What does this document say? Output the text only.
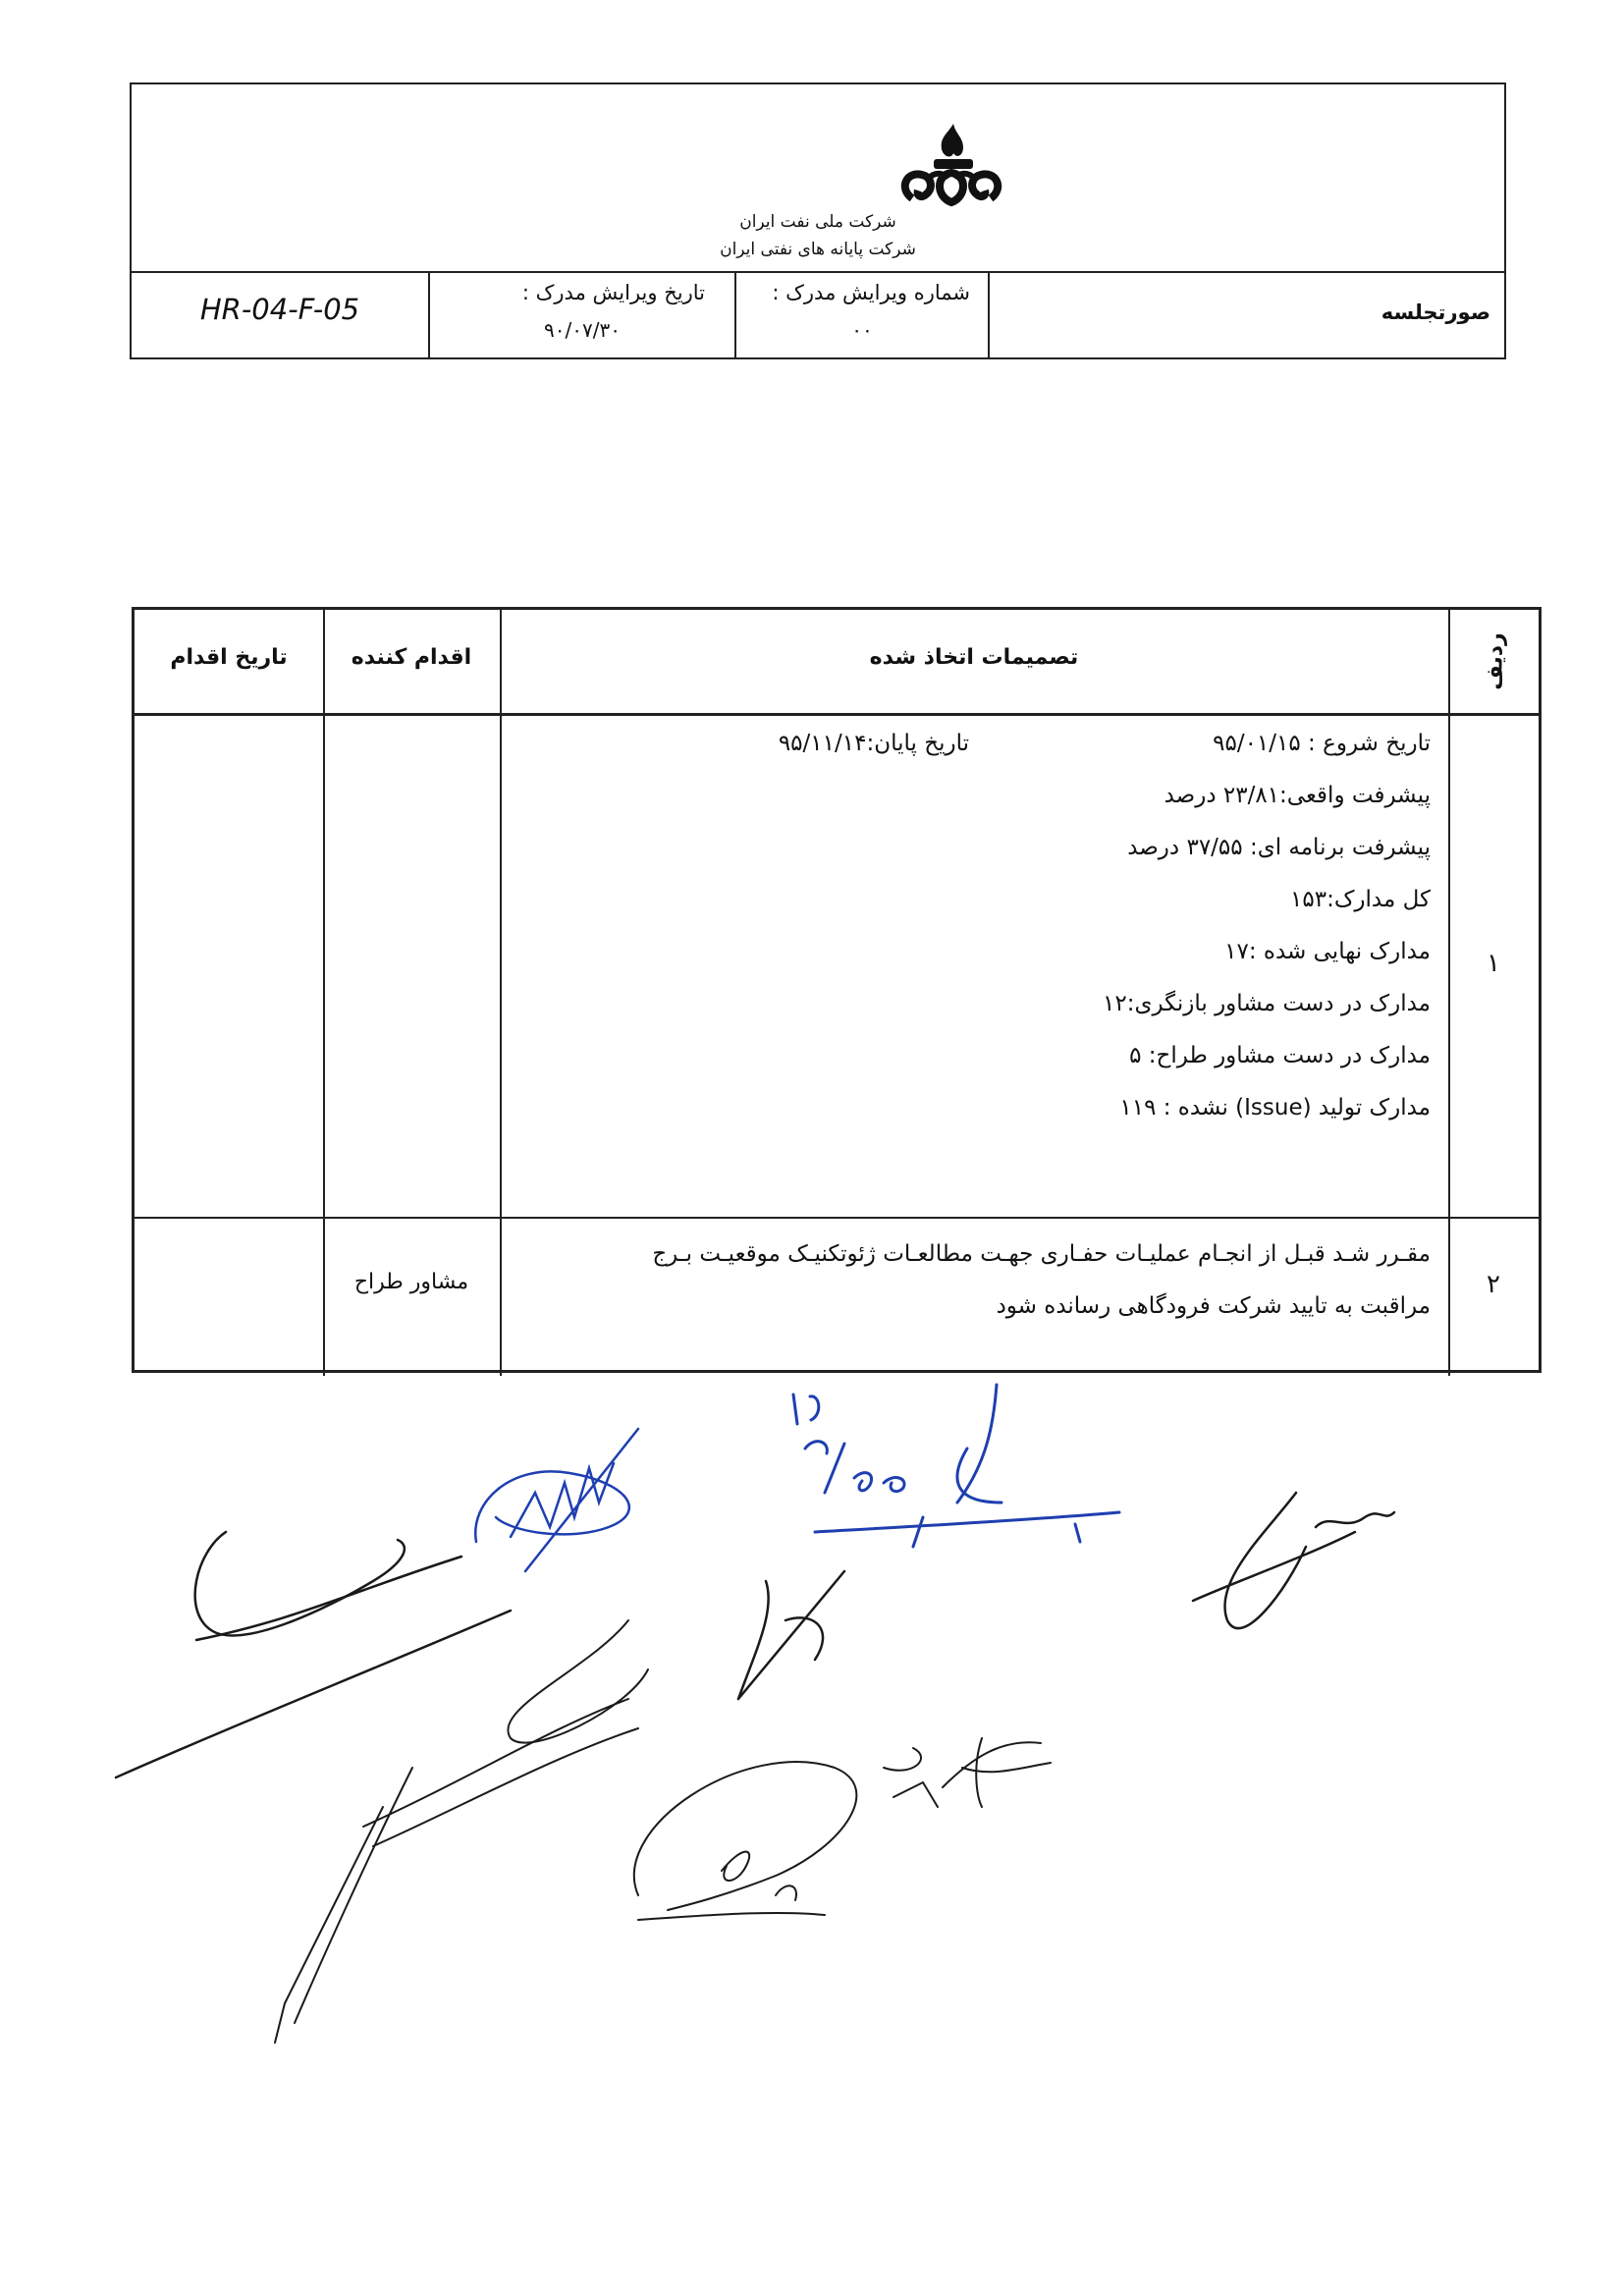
شرکت ملی نفت ایران
شرکت پایانه های نفتی ایران
HR-04-F-05	تاریخ ویرایش مدرک :
۹۰/۰۷/۳۰
شماره ویرایش مدرک :
۰۰
صورتجلسه
ردیف
تصمیمات اتخاذ شده
اقدام کننده
تاریخ اقدام
۱
تاریخ شروع : ۹۵/۰۱/۱۵
تاریخ پایان:۹۵/۱۱/۱۴
پیشرفت واقعی:۲۳/۸۱ درصد
پیشرفت برنامه ای: ۳۷/۵۵ درصد
کل مدارک:۱۵۳
مدارک نهایی شده :۱۷
مدارک در دست مشاور بازنگری:۱۲
مدارک در دست مشاور طراح: ۵
مدارک تولید (Issue) نشده : ۱۱۹
۲
مقـرر شـد قبـل از انجـام عملیـات حفـاری جهـت مطالعـات ژئوتکنیـک موقعیـت بـرج
مراقبت به تایید شرکت فرودگاهی رسانده شود
مشاور طراح
